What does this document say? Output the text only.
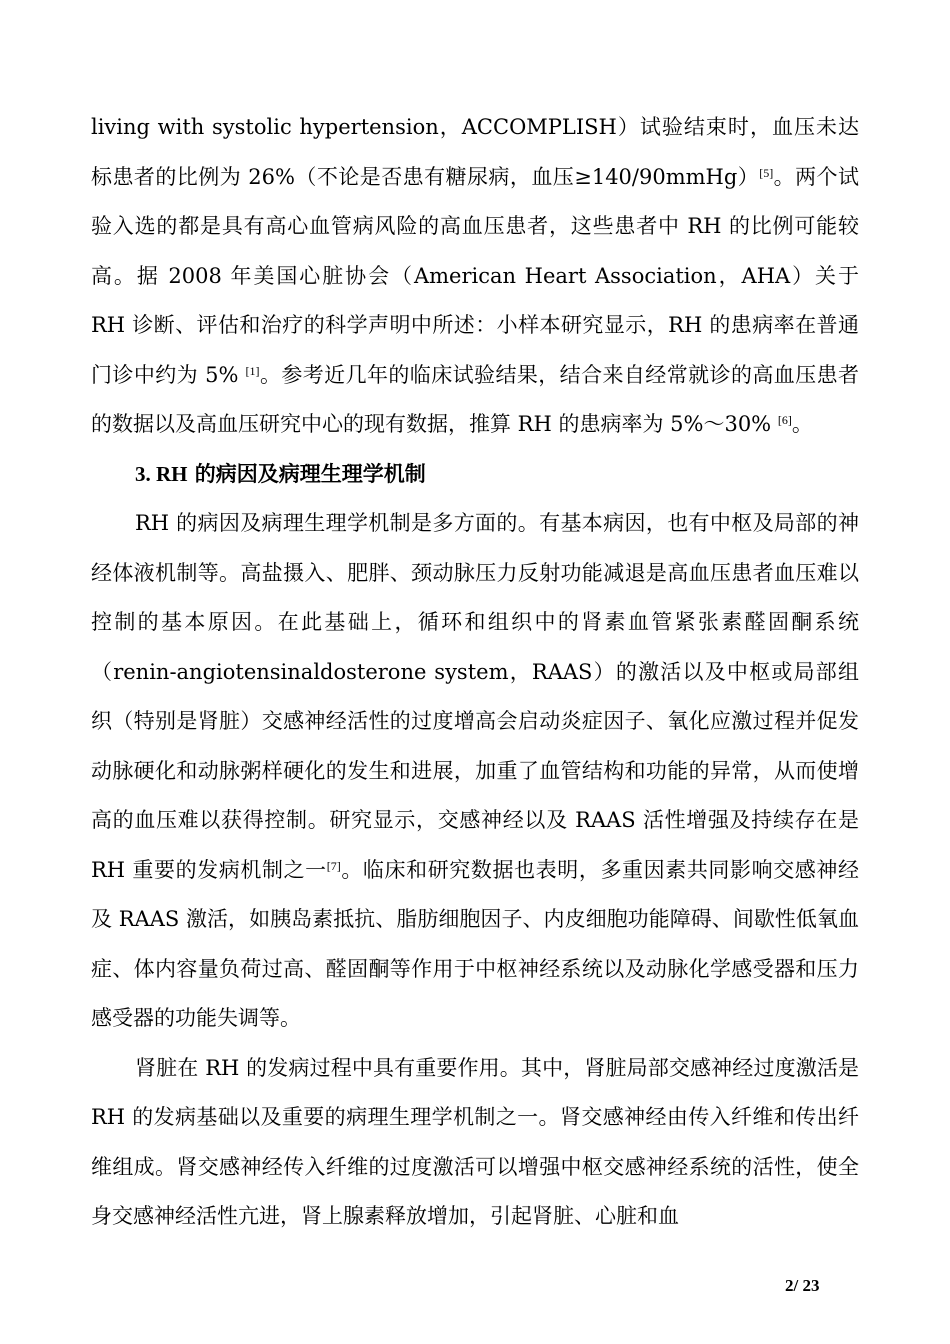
living with systolic hypertension，ACCOMPLISH）试验结束时，血压未达标患者的比例为 26%（不论是否患有糖尿病，血压≥140/90mmHg）[5]。两个试验入选的都是具有高心血管病风险的高血压患者，这些患者中 RH 的比例可能较高。据 2008 年美国心脏协会（American Heart Association，AHA）关于 RH 诊断、评估和治疗的科学声明中所述：小样本研究显示，RH 的患病率在普通门诊中约为 5% [1]。参考近几年的临床试验结果，结合来自经常就诊的高血压患者的数据以及高血压研究中心的现有数据，推算 RH 的患病率为 5%～30% [6]。

3. RH 的病因及病理生理学机制

RH 的病因及病理生理学机制是多方面的。有基本病因，也有中枢及局部的神经体液机制等。高盐摄入、肥胖、颈动脉压力反射功能减退是高血压患者血压难以控制的基本原因。在此基础上，循环和组织中的肾素血管紧张素醛固酮系统（renin-angiotensinaldosterone system，RAAS）的激活以及中枢或局部组织（特别是肾脏）交感神经活性的过度增高会启动炎症因子、氧化应激过程并促发动脉硬化和动脉粥样硬化的发生和进展，加重了血管结构和功能的异常，从而使增高的血压难以获得控制。研究显示，交感神经以及 RAAS 活性增强及持续存在是 RH 重要的发病机制之一[7]。临床和研究数据也表明，多重因素共同影响交感神经及 RAAS 激活，如胰岛素抵抗、脂肪细胞因子、内皮细胞功能障碍、间歇性低氧血症、体内容量负荷过高、醛固酮等作用于中枢神经系统以及动脉化学感受器和压力感受器的功能失调等。

肾脏在 RH 的发病过程中具有重要作用。其中，肾脏局部交感神经过度激活是 RH 的发病基础以及重要的病理生理学机制之一。肾交感神经由传入纤维和传出纤维组成。肾交感神经传入纤维的过度激活可以增强中枢交感神经系统的活性，使全身交感神经活性亢进，肾上腺素释放增加，引起肾脏、心脏和血

2/ 23
